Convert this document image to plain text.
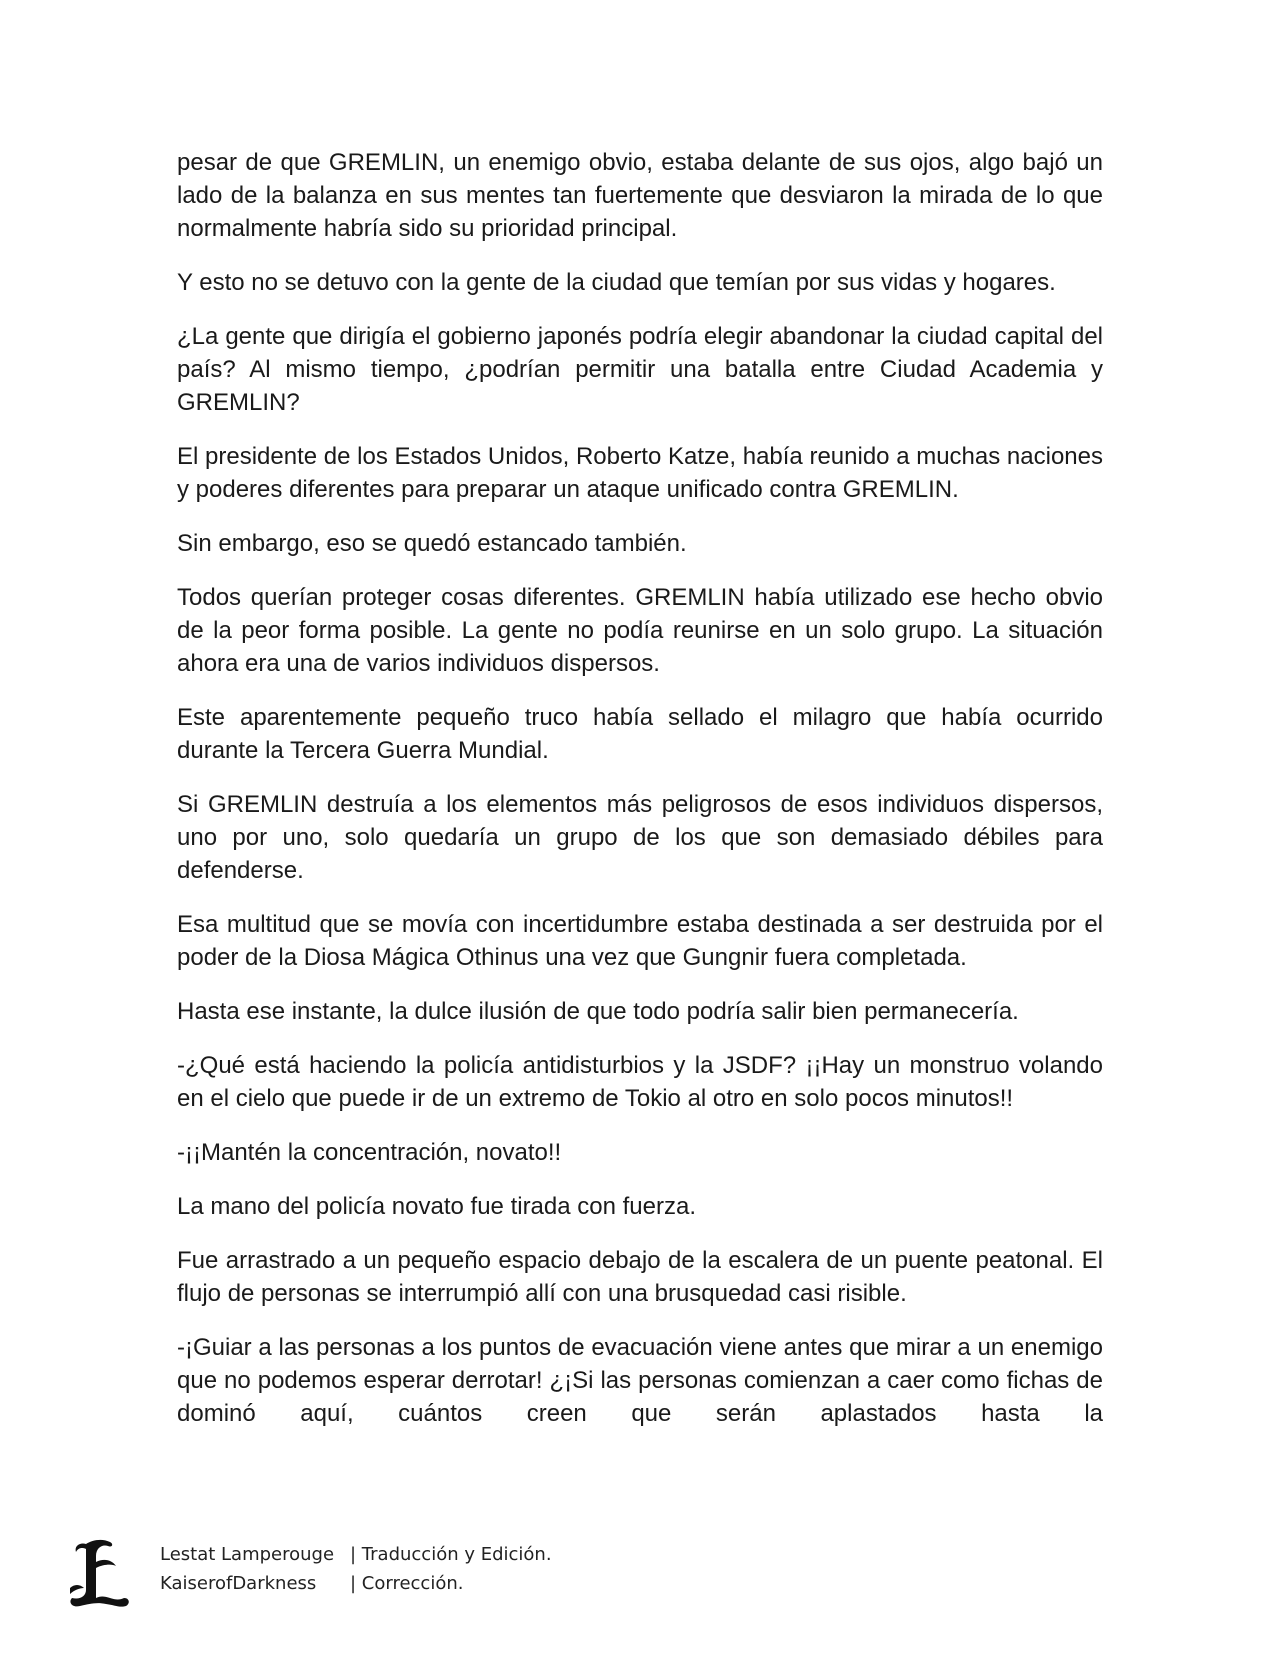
pesar de que GREMLIN, un enemigo obvio, estaba delante de sus ojos, algo bajó un lado de la balanza en sus mentes tan fuertemente que desviaron la mirada de lo que normalmente habría sido su prioridad principal.

Y esto no se detuvo con la gente de la ciudad que temían por sus vidas y hogares.

¿La gente que dirigía el gobierno japonés podría elegir abandonar la ciudad capital del país? Al mismo tiempo, ¿podrían permitir una batalla entre Ciudad Academia y GREMLIN?

El presidente de los Estados Unidos, Roberto Katze, había reunido a muchas naciones y poderes diferentes para preparar un ataque unificado contra GREMLIN.

Sin embargo, eso se quedó estancado también.

Todos querían proteger cosas diferentes. GREMLIN había utilizado ese hecho obvio de la peor forma posible. La gente no podía reunirse en un solo grupo. La situación ahora era una de varios individuos dispersos.

Este aparentemente pequeño truco había sellado el milagro que había ocurrido durante la Tercera Guerra Mundial.

Si GREMLIN destruía a los elementos más peligrosos de esos individuos dispersos, uno por uno, solo quedaría un grupo de los que son demasiado débiles para defenderse.

Esa multitud que se movía con incertidumbre estaba destinada a ser destruida por el poder de la Diosa Mágica Othinus una vez que Gungnir fuera completada.

Hasta ese instante, la dulce ilusión de que todo podría salir bien permanecería.

-¿Qué está haciendo la policía antidisturbios y la JSDF? ¡¡Hay un monstruo volando en el cielo que puede ir de un extremo de Tokio al otro en solo pocos minutos!!

-¡¡Mantén la concentración, novato!!

La mano del policía novato fue tirada con fuerza.

Fue arrastrado a un pequeño espacio debajo de la escalera de un puente peatonal. El flujo de personas se interrumpió allí con una brusquedad casi risible.

-¡Guiar a las personas a los puntos de evacuación viene antes que mirar a un enemigo que no podemos esperar derrotar! ¿¡Si las personas comienzan a caer como fichas de dominó aquí, cuántos creen que serán aplastados hasta la

Lestat Lamperouge | Traducción y Edición.
KaiserofDarkness	| Corrección.
